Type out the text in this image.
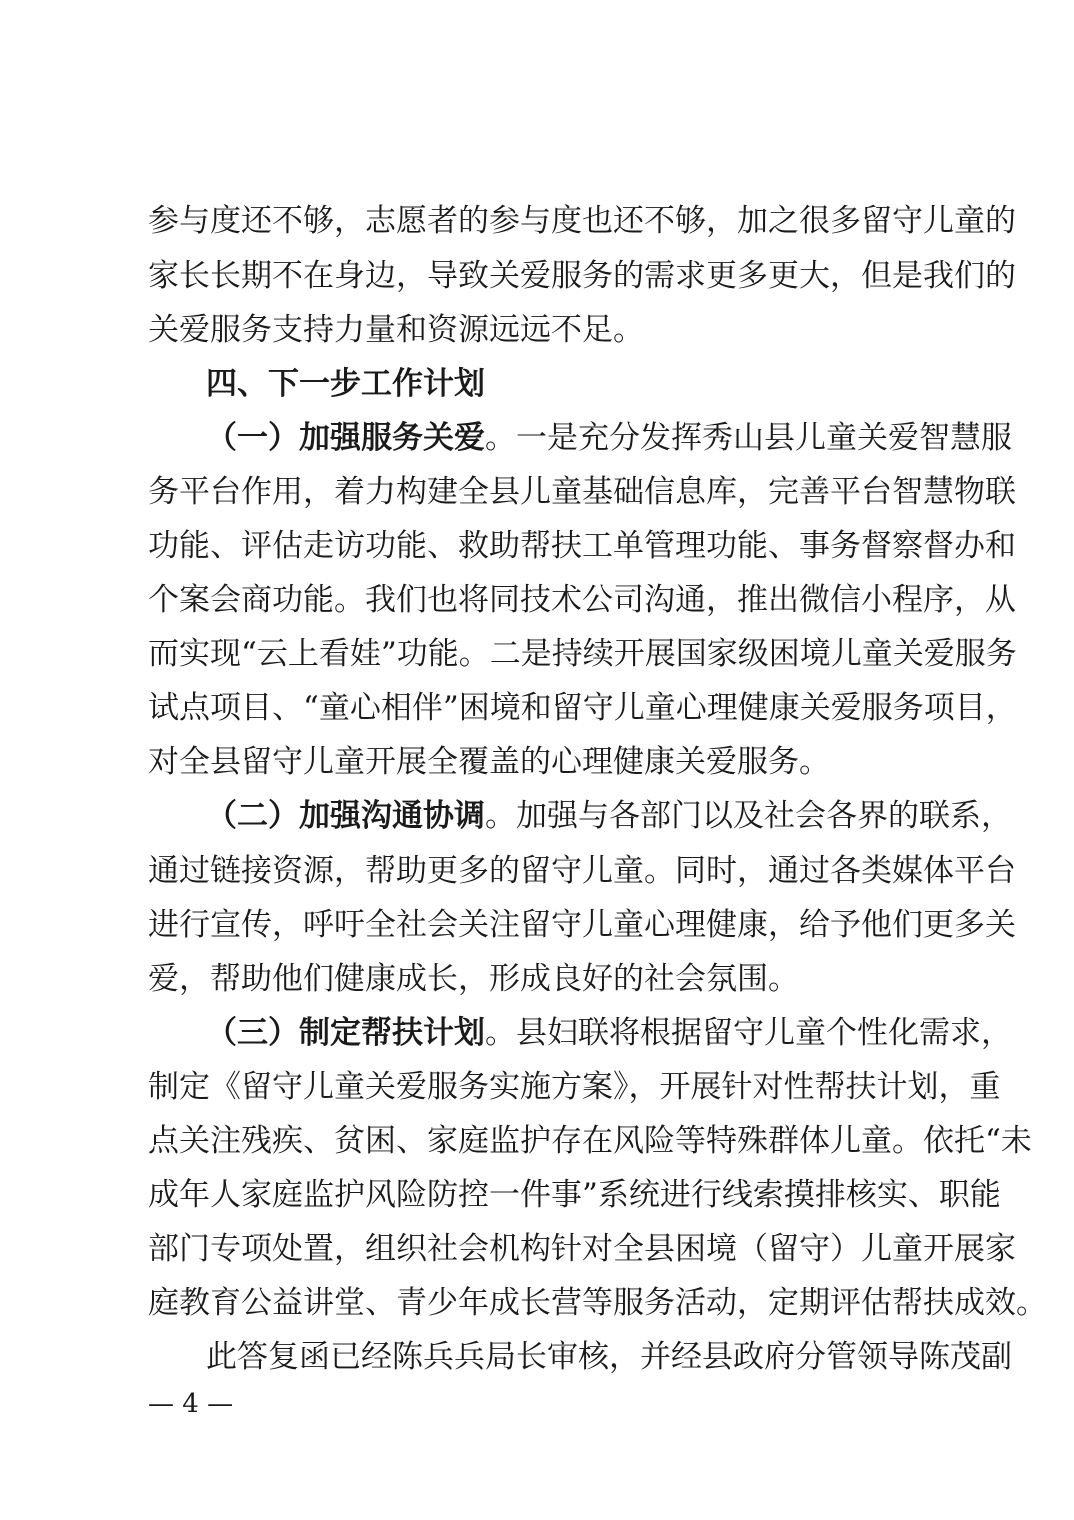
参与度还不够，志愿者的参与度也还不够，加之很多留守儿童的
家长长期不在身边，导致关爱服务的需求更多更大，但是我们的
关爱服务支持力量和资源远远不足。
四、下一步工作计划
（一）加强服务关爱。一是充分发挥秀山县儿童关爱智慧服
务平台作用，着力构建全县儿童基础信息库，完善平台智慧物联
功能、评估走访功能、救助帮扶工单管理功能、事务督察督办和
个案会商功能。我们也将同技术公司沟通，推出微信小程序，从
而实现“云上看娃”功能。二是持续开展国家级困境儿童关爱服务
试点项目、“童心相伴”困境和留守儿童心理健康关爱服务项目，
对全县留守儿童开展全覆盖的心理健康关爱服务。
（二）加强沟通协调。加强与各部门以及社会各界的联系，
通过链接资源，帮助更多的留守儿童。同时，通过各类媒体平台
进行宣传，呼吁全社会关注留守儿童心理健康，给予他们更多关
爱，帮助他们健康成长，形成良好的社会氛围。
（三）制定帮扶计划。县妇联将根据留守儿童个性化需求，
制定《留守儿童关爱服务实施方案》，开展针对性帮扶计划，重
点关注残疾、贫困、家庭监护存在风险等特殊群体儿童。依托“未
成年人家庭监护风险防控一件事”系统进行线索摸排核实、职能
部门专项处置，组织社会机构针对全县困境（留守）儿童开展家
庭教育公益讲堂、青少年成长营等服务活动，定期评估帮扶成效。
此答复函已经陈兵兵局长审核，并经县政府分管领导陈茂副
— 4 —
